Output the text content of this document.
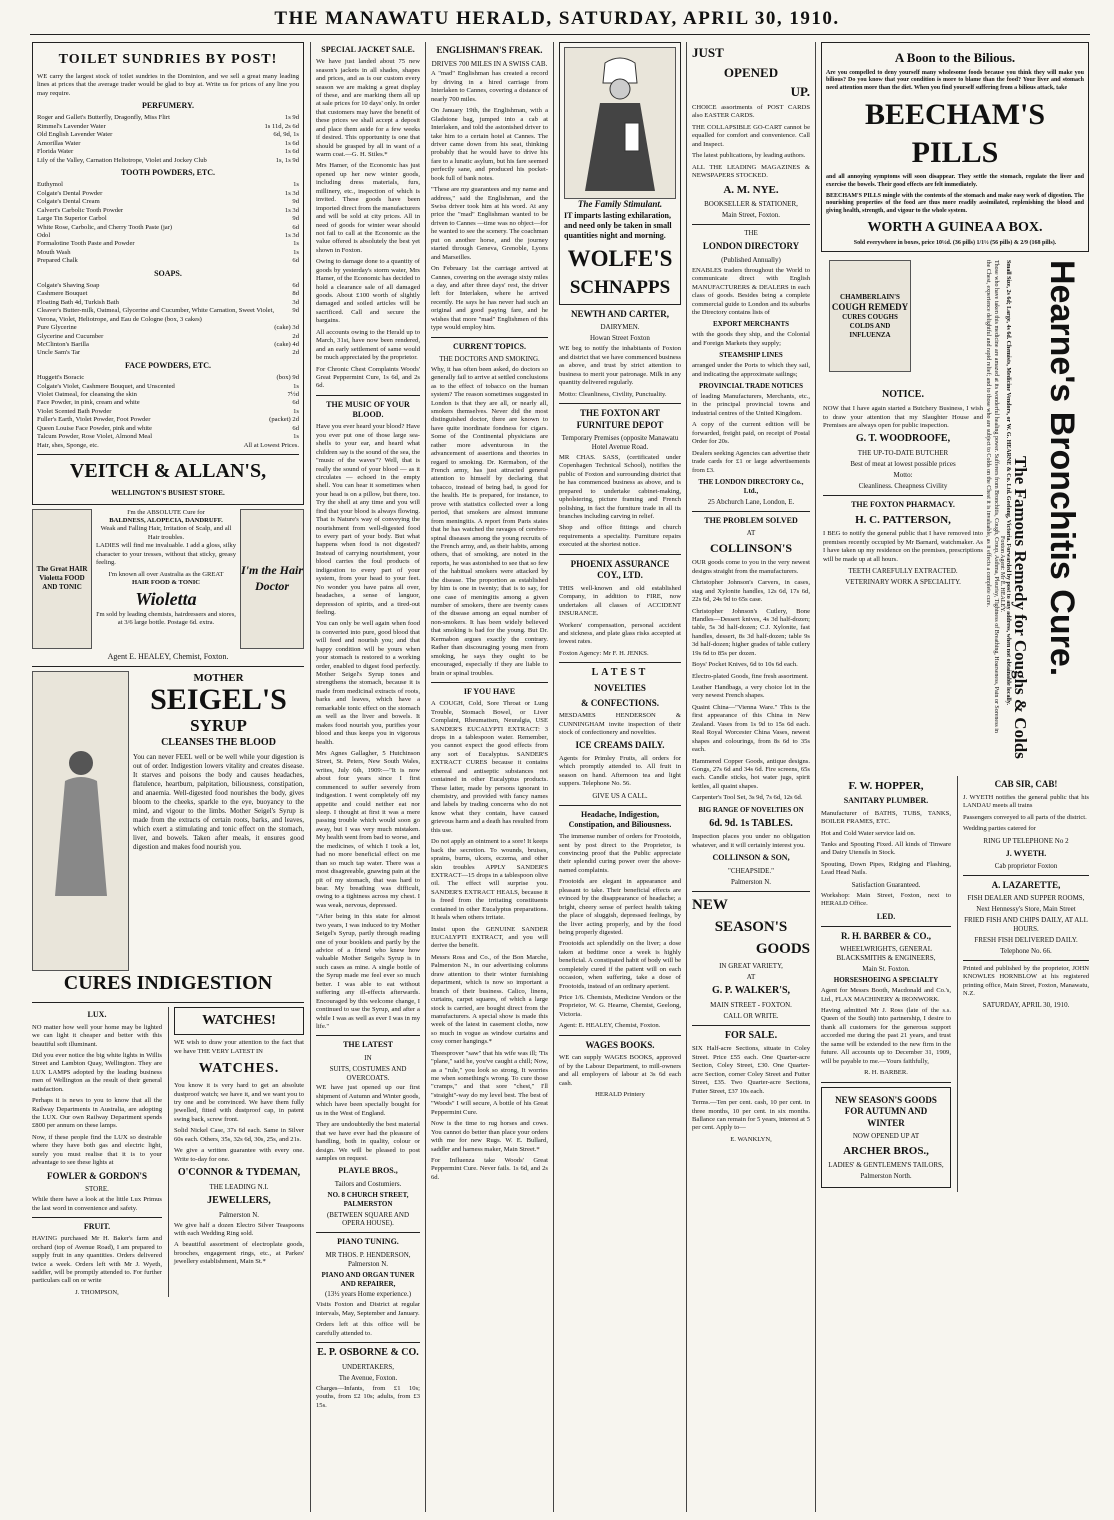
THE MANAWATU HERALD, SATURDAY, APRIL 30, 1910.
TOILET SUNDRIES BY POST!

WE carry the largest stock of toilet sundries in the Dominion, and we sell a great many leading lines at prices that the average trader would be glad to buy at. Write us for prices of any line you may require.

PERFUMERY.
Roger and Gallet's Butterfly, Dragonfly, Miss Flirt	1s 9d
Rimmel's Lavender Water	1s 11d, 2s 6d
Old English Lavender Water	6d, 9d, 1s
Amorillas Water	1s 6d
Florida Water	1s 6d
Lily of the Valley, Carnation Heliotrope, Violet and Jockey Club	1s, 1s 9d
TOOTH POWDERS, ETC.
Euthymol	1s
Colgate's Dental Powder	1s 3d
Colgate's Dental Cream	9d
Calvert's Carbolic Tooth Powder	1s 3d
Large Tin Superior Carbol	9d
White Rose, Carbolic, and Cherry Tooth Paste (jar)	6d
Odol	1s 3d
Formalotine Tooth Paste and Powder	1s
Mouth Wash	1s
Prepared Chalk	6d
SOAPS.
Colgate's Shaving Soap	6d
Cashmere Bouquet	8d
Floating Bath 4d, Turkish Bath	3d
Cleaver's Butter-milk, Oatmeal, Glycerine and Cucumber, White Carnation, Sweet Violet, Verona, Violet, Heliotrope, and Eau de Cologne (box, 3 cakes)
9d
Pure Glycerine	(cake) 3d
Glycerine and Cucumber	2d
McClinton's Barilla	(cake) 4d
Uncle Sam's Tar	2d
FACE POWDERS, ETC.
Huggett's Boracic	(box) 9d
Colgate's Violet, Cashmere Bouquet, and Unscented	1s
Violet Oatmeal, for cleansing the skin	7½d
Face Powder, in pink, cream and white	6d
Violet Scented Bath Powder	1s
Fuller's Earth, Violet Powder, Foot Powder	(packet) 2d
Queen Louise Face Powder, pink and white	6d
Talcum Powder, Rose Violet, Almond Meal	1s
Hair, shes, Sponge, etc.	All at Lowest Prices.
VEITCH & ALLAN'S,
WELLINGTON'S BUSIEST STORE.
The Great HAIR Violetta FOOD AND TONIC
I'm the ABSOLUTE Cure for
BALDNESS, ALOPECIA, DANDRUFF.
Weak and Falling Hair, Irritation of Scalp, and all Hair troubles.

LADIES will find me invaluable. I add a gloss, silky character to your tresses, without that sticky, greasy feeling.

I'm known all over Australia as the GREAT
HAIR FOOD & TONIC
Wioletta
I'm sold by leading chemists, hairdressers and stores, at 3/6 large bottle. Postage 6d. extra.
I'm the Hair Doctor
Agent E. HEALEY, Chemist, Foxton.
MOTHER
SEIGEL'S
SYRUP
CLEANSES THE BLOOD

You can never FEEL well or be well while your digestion is out of order. Indigestion lowers vitality and creates disease. It starves and poisons the body and causes headaches, flatulence, heartburn, palpitation, biliousness, constipation, and anaemia. Well-digested food nourishes the body, gives bloom to the cheeks, sparkle to the eye, buoyancy to the mind, and vigour to the limbs. Mother Seigel's Syrup is made from the extracts of certain roots, barks, and leaves, which exert a stimulating and tonic effect on the stomach, liver, and bowels. Taken after meals, it ensures good digestion and makes food nourish you.

CURES INDIGESTION
LUX.

NO matter how well your home may be lighted we can light it cheaper and better with this beautiful soft illuminant.

Did you ever notice the big white lights in Willis Street and Lambton Quay, Wellington. They are LUX LAMPS adopted by the leading business men of Wellington as the result of their general satisfaction.

Perhaps it is news to you to know that all the Railway Departments in Australia, are adopting the LUX. Our own Railway Department spends £800 per annum on these lamps.

Now, if these people find the LUX so desirable where they have both gas and electric light, surely you must realise that it is to your advantage to see these lights at

FOWLER & GORDON'S
STORE.

While there have a look at the little Lux Primus the last word in convenience and safety.

FRUIT.

HAVING purchased Mr H. Baker's farm and orchard (top of Avenue Road), I am prepared to supply fruit in any quantities. Orders delivered twice a week. Orders left with Mr J. Wyeth, saddler, will be promptly attended to. For further particulars call on or write

J. THOMPSON,
WATCHES!

WE wish to draw your attention to the fact that we have THE VERY LATEST IN

WATCHES.

You know it is very hard to get an absolute dustproof watch; we have it, and we want you to try one and be convinced. We have them fully jewelled, fitted with dustproof cap, in patent swing back, screw front.

Solid Nickel Case, 37s 6d each. Same in Silver 60s each. Others, 35s, 32s 6d, 30s, 25s, and 21s.

We give a written guarantee with every one. Write to-day for one.

O'CONNOR & TYDEMAN,
THE LEADING N.I.
JEWELLERS,
Palmerston N.

We give half a dozen Electro Silver Teaspoons with each Wedding Ring sold.

A beautiful assortment of electroplate goods, brooches, engagement rings, etc., at Parkes' jewellery establishment, Main St.*

SPECIAL JACKET SALE.

We have just landed about 75 new season's jackets in all shades, shapes and prices, and as is our custom every season we are making a great display of these, and are marking them all up at sale prices for 10 days' only. In order that customers may have the benefit of these prices we shall accept a deposit and place them aside for a few weeks if desired. This opportunity is one that should be grasped by all in want of a warm coat.—G. H. Stiles.*

Mrs Hamer, of the Economic has just opened up her new winter goods, including dress materials, furs, millinery, etc., inspection of which is invited. These goods have been imported direct from the manufacturers and will be sold at city prices. All in need of goods for winter wear should not fail to call at the Economic as the value offered is absolutely the best yet shown in Foxton.

Owing to damage done to a quantity of goods by yesterday's storm water, Mrs Hamer, of the Economic has decided to hold a clearance sale of all damaged goods. About £100 worth of slightly damaged and soiled articles will be sacrificed. Call and secure the bargains.

All accounts owing to the Herald up to March, 31st, have now been rendered, and an early settlement of same would be much appreciated by the proprietor.

For Chronic Chest Complaints Woods' Great Peppermint Cure, 1s 6d, and 2s 6d.

THE MUSIC OF YOUR BLOOD.

Have you ever heard your blood? Have you ever put one of those large sea-shells to your ear, and heard what children say is the sound of the sea, the "music of the waves"? Well, that is really the sound of your blood — as it circulates — echoed in the empty shell. You can hear it sometimes when your head is on a pillow, but there, too. Try the shell at any time and you will find that your blood is always flowing. That is Nature's way of conveying the nourishment from well-digested food to every part of your body. But what happens when food is not digested? Instead of carrying nourishment, your blood carries the foul products of indigestion to every part of your system, from your head to your feet. No wonder you have pains all over, headaches, a sense of languor, depression of spirits, and a tired-out feeling.

You can only be well again when food is converted into pure, good blood that will feed and nourish you; and that happy condition will be yours when your stomach is restored to a working order, enabled to digest food perfectly. Mother Seigel's Syrup tones and strengthens the stomach, because it is made from medicinal extracts of roots, barks and leaves, which have a remarkable tonic effect on the stomach as well as the liver and bowels. It makes food nourish you, purifies your blood and thus keeps you in vigorous health.

Mrs Agnes Gallagher, 5 Hutchinson Street, St. Peters, New South Wales, writes, July 6th, 1909:—"It is now about four years since I first commenced to suffer severely from indigestion. I went completely off my appetite and could neither eat nor sleep. I thought at first it was a mere passing trouble which would soon go away, but I was very much mistaken. My health went from bad to worse, and the medicines, of which I took a lot, had no more beneficial effect on me than so much tap water. There was a most disagreeable, gnawing pain at the pit of my stomach, that was hard to bear. My breathing was difficult, owing to a tightness across my chest. I was weak, nervous, depressed.

"After being in this state for almost two years, I was induced to try Mother Seigel's Syrup, partly through reading one of your booklets and partly by the advice of a friend who knew how valuable Mother Seigel's Syrup is in such cases as mine. A single bottle of the Syrup made me feel ever so much better. I was able to eat without suffering any ill-effects afterwards. Encouraged by this welcome change, I continued to use the Syrup, and after a while I was as well as ever I was in my life."

THE LATEST
IN
SUITS, COSTUMES AND OVERCOATS.

WE have just opened up our first shipment of Autumn and Winter goods, which have been specially bought for us in the West of England.

They are undoubtedly the best material that we have ever had the pleasure of handling, both in quality, colour or design. We will be pleased to post samples on request.

PLAYLE BROS.,
Tailors and Costumiers.
NO. 8 CHURCH STREET, PALMERSTON
(BETWEEN SQUARE AND OPERA HOUSE).
PIANO TUNING.
MR THOS. P. HENDERSON, Palmerston N.
PIANO AND ORGAN TUNER AND REPAIRER,
(13½ years Home experience.)

Visits Foxton and District at regular intervals, May, September and January.

Orders left at this office will be carefully attended to.

E. P. OSBORNE & CO.
UNDERTAKERS,
The Avenue, Foxton.

Charges—Infants, from £1 10s; youths, from £2 10s; adults, from £3 15s.

ENGLISHMAN'S FREAK.
DRIVES 700 MILES IN A SWISS CAB.

A "mad" Englishman has created a record by driving in a hired carriage from Interlaken to Cannes, covering a distance of nearly 700 miles.

On January 19th, the Englishman, with a Gladstone bag, jumped into a cab at Interlaken, and told the astonished driver to take him to a certain hotel at Cannes. The driver came down from his seat, thinking probably that he would have to drive his fare to a lunatic asylum, but his fare seemed perfectly sane, and produced his pocket-book full of bank notes.

"These are my guarantees and my name and address," said the Englishman, and the Swiss driver took him at his word. At any price the "mad" Englishman wanted to be driven to Cannes —time was no object—for he wanted to see the scenery. The coachman put on another horse, and the journey started through Geneva, Grenoble, Lyons and Marseilles.

On February 1st the carriage arrived at Cannes, covering on the average sixty miles a day, and after three days' rest, the driver left for Interlaken, where he arrived recently. He says he has never had such an original and good paying fare, and he wishes that more "mad" Englishmen of this type would employ him.

CURRENT TOPICS.
THE DOCTORS AND SMOKING.

Why, it has often been asked, do doctors so generally fail to arrive at settled conclusions as to the effect of tobacco on the human system? The reason sometimes suggested in London is that they are all, or nearly all, smokers themselves. Never did the most distinguished doctor, there are known to have quite inordinate fondness for cigars. Some of the Continental physicians are rather more adventurous in the advancement of assertions and theories in regard to smoking. Dr. Kermabon, of the French army, has just attracted general attention to himself by declaring that tobacco, instead of being bad, is good for the health. He is prepared, for instance, to prove with statistics collected over a long period, that smokers are almost immune from meningitis. A report from Paris states that he has watched the ravages of cerebro-spinal diseases among the young recruits of the French army, and, as their habits, among others, that of smoking, are noted in the reports, he was astonished to see that so few of the habitual smokers were attacked by the disease. The proportion as established by him is one in twenty; that is to say, for one case of meningitis among a given number of smokers, there are twenty cases of the disease among an equal number of non-smokers. It has been widely believed that smoking is bad for the young. But Dr. Kermabon argues exactly the contrary. Rather than discouraging young men from smoking, he says they ought to be encouraged, especially if they are liable to brain or spinal troubles.

IF YOU HAVE

A COUGH, Cold, Sore Throat or Lung Trouble, Stomach Bowel, or Liver Complaint, Rheumatism, Neuralgia, USE SANDER'S EUCALYPTI EXTRACT: 3 drops in a tablespoon water. Remember, you cannot expect the good effects from any sort of Eucalyptus. SANDER'S EXTRACT CURES because it contains ethereal and antiseptic substances not contained in other Eucalyptus products. These latter, made by persons ignorant in chemistry, and provided with fancy names and labels by trading concerns who do not know what they contain, have caused grievous harm and a death has resulted from this use.

Do not apply an ointment to a sore! It keeps back the secretion. To wounds, bruises, sprains, burns, ulcers, eczema, and other skin troubles APPLY SANDER'S EXTRACT—15 drops in a tablespoon olive oil. The effect will surprise you. SANDER'S EXTRACT HEALS, because it is freed from the irritating constituents contained in other Eucalyptus preparations. It heals when others irritate.

Insist upon the GENUINE SANDER EUCALYPTI EXTRACT, and you will derive the benefit.

Messrs Ross and Co., of the Bon Marche, Palmerston N., in our advertising columns draw attention to their winter furnishing department, which is now so important a branch of their business. Calico, linens, curtains, carpet squares, of which a large stock is carried, are bought direct from the manufacturers. A special show is made this week of the latest in casement cloths, now so much in vogue as window curtains and cosy corner hangings.*

Theesprover "saw" that his wife was ill; 'Tis "plane," said he, you've caught a chill; Now, as a "rule," you look so strong, It worries me when something's wrong. To cure those "cramps," and that sore "chest," I'll "straight"-way do my level best. The best of "Woods" I will secure, A bottle of his Great Peppermint Cure.

Now is the time to rug horses and cows. You cannot do better than place your orders with me for new Rugs. W. E. Bullard, saddler and harness maker, Main Street.*

For Influenza take Woods' Great Peppermint Cure. Never fails. 1s 6d, and 2s 6d.

The Family Stimulant.

IT imparts lasting exhilaration, and need only be taken in small quantities night and morning.

WOLFE'S
SCHNAPPS
NEWTH AND CARTER,
DAIRYMEN.
Howan Street Foxton

WE beg to notify the inhabitants of Foxton and district that we have commenced business as above, and trust by strict attention to business to merit your patronage. Milk in any quantity delivered regularly.

Motto: Cleanliness, Civility, Punctuality.

THE FOXTON ART FURNITURE DEPOT
Temporary Premises (opposite Manawatu Hotel Avenue Road.

MR CHAS. SASS, (certificated under Copenhagen Technical School), notifies the public of Foxton and surrounding district that he has commenced business as above, and is prepared to undertake cabinet-making, upholstering, picture framing and French polishing, in fact the furniture trade in all its branches including carving in relief.

Shop and office fittings and church requirements a speciality. Furniture repairs executed at the shortest notice.

PHOENIX ASSURANCE COY., LTD.

THIS well-known and old established Company, in addition to FIRE, now undertakes all classes of ACCIDENT INSURANCE.

Workers' compensation, personal accident and sickness, and plate glass risks accepted at lowest rates.

Foxton Agency: Mr F. H. JENKS.

LATEST
NOVELTIES
& CONFECTIONS.

MESDAMES HENDERSON & CUNNINGHAM invite inspection of their stock of confectionery and novelties.

ICE CREAMS DAILY.

Agents for Primley Fruits, all orders for which promptly attended to. All fruit in season on hand. Afternoon tea and light suppers. Telephone No. 56.

GIVE US A CALL.
Headache, Indigestion, Constipation, and Biliousness.

The immense number of orders for Frootoids, sent by post direct to the Proprietor, is convincing proof that the Public appreciate their splendid curing power over the above-named complaints.

Frootoids are elegant in appearance and pleasant to take. Their beneficial effects are evinced by the disappearance of headache; a bright, cheery sense of perfect health taking the place of sluggish, depressed feelings, by the liver acting properly, and by the food being properly digested.

Frootoids act splendidly on the liver; a dose taken at bedtime once a week is highly beneficial. A constipated habit of body will be completely cured if the patient will on each occasion, when suffering, take a dose of Frootoids, instead of an ordinary aperient.

Price 1/6. Chemists, Medicine Vendors or the Proprietor, W. G. Hearne, Chemist, Geelong, Victoria.

Agent: E. HEALEY, Chemist, Foxton.

WAGES BOOKS.

WE can supply WAGES BOOKS, approved of by the Labour Department, to mill-owners and all employers of labour at 3s 6d each cash.

HERALD Printery
JUST
OPENED
UP.

CHOICE assortments of POST CARDS also EASTER CARDS.

THE COLLAPSIBLE GO-CART cannot be equalled for comfort and convenience. Call and Inspect.

The latest publications, by leading authors.

ALL THE LEADING MAGAZINES & NEWSPAPERS STOCKED.

A. M. NYE.
BOOKSELLER & STATIONER,
Main Street, Foxton.
THE
LONDON DIRECTORY
(Published Annually)

ENABLES traders throughout the World to communicate direct with English MANUFACTURERS & DEALERS in each class of goods. Besides being a complete commercial guide to London and its suburbs the Directory contains lists of

EXPORT MERCHANTS

with the goods they ship, and the Colonial and Foreign Markets they supply;

STEAMSHIP LINES

arranged under the Ports to which they sail, and indicating the approximate sailings;

PROVINCIAL TRADE NOTICES

of leading Manufacturers, Merchants, etc., in the principal provincial towns and industrial centres of the United Kingdom.

A copy of the current edition will be forwarded, freight paid, on receipt of Postal Order for 20s.

Dealers seeking Agencies can advertise their trade cards for £1 or large advertisements from £3.

THE LONDON DIRECTORY Co., Ltd.,
25 Abchurch Lane, London, E.
THE PROBLEM SOLVED
AT
COLLINSON'S

OUR goods come to you in the very newest designs straight from the manufacturers.

Christopher Johnson's Carvers, in cases, stag and Xylonite handles, 12s 6d, 17s 6d, 22s 6d, 24s 9d to 65s case.

Christopher Johnson's Cutlery, Bone Handles—Dessert knives, 4s 3d half-dozen; table, 5s 3d half-dozen; C.J. Xylonite, fast handles, dessert, 8s 3d half-dozen; table 9s 3d half-dozen; higher grades of table cutlery 19s 6d to 85s per dozen.

Boys' Pocket Knives, 6d to 10s 6d each.

Electro-plated Goods, fine fresh assortment.

Leather Handbags, a very choice lot in the very newest French shapes.

Quaint China—"Vienna Ware." This is the first appearance of this China in New Zealand. Vases from 1s 9d to 15s 6d each. Real Royal Worcester China Vases, newest shapes and colourings, from 8s 6d to 35s each.

Hammered Copper Goods, antique designs. Gongs, 27s 6d and 34s 6d. Fire screens, 65s each. Candle sticks, hot water jugs, spirit kettles, all quaint shapes.

Carpenter's Tool Set, 3s 9d, 7s 6d, 12s 6d.

BIG RANGE OF NOVELTIES ON
6d. 9d. 1s TABLES.

Inspection places you under no obligation whatever, and it will certainly interest you.

COLLINSON & SON,
"CHEAPSIDE."
Palmerston N.
NEW
SEASON'S
GOODS
IN GREAT VARIETY,
AT
G. P. WALKER'S,
MAIN STREET - FOXTON.
CALL OR WRITE.
FOR SALE.

SIX Half-acre Sections, situate in Coley Street. Price £55 each. One Quarter-acre Section, Coley Street, £30. One Quarter-acre Section, corner Coley Street and Futter Street, £35. Two Quarter-acre Sections, Futter Street, £37 10s each.

Terms.—Ten per cent. cash, 10 per cent. in three months, 10 per cent. in six months. Ballance can remain for 5 years, interest at 5 per cent. Apply to—

E. WANKLYN,
A Boon to the Bilious.

Are you compelled to deny yourself many wholesome foods because you think they will make you bilious? Do you know that your condition is more to blame than the food? Your liver and stomach need attention more than the diet. When you find yourself suffering from a bilious attack, take

BEECHAM'S PILLS

and all annoying symptoms will soon disappear. They settle the stomach, regulate the liver and exercise the bowels. Their good effects are felt immediately.

BEECHAM'S PILLS mingle with the contents of the stomach and make easy work of digestion. The nourishing properties of the food are thus more readily assimilated, replenishing the blood and giving health, strength, and vigour to the whole system.

WORTH A GUINEA A BOX.
Sold everywhere in boxes, price 10½d. (36 pills) 1/1½ (56 pills) & 2/9 (168 pills).
CHAMBERLAIN'S
COUGH REMEDY
CURES COUGHS COLDS AND INFLUENZA
NOTICE.

NOW that I have again started a Butchery Business, I wish to draw your attention that my Slaughter House and Premises are always open for public inspection.

G. T. WOODROOFE,
THE UP-TO-DATE BUTCHER
Best of meat at lowest possible prices
Motto:
Cleanliness. Cheapness Civility
THE FOXTON PHARMACY.
H. C. PATTERSON,

I BEG to notify the general public that I have removed into premises recently occupied by Mr Barnard, watchmaker. As I have taken up my residence on the premises, prescriptions will be made up at all hours.

TEETH CAREFULLY EXTRACTED.
VETERINARY WORK A SPECIALITY.	Hearne's Bronchitis Cure.
The Famous Remedy for Coughs & Colds
Small Size, 2s 6d; Large, 4s 6d. Chemists, Medicine Vendors, or W. G. HEARNE & Co. Ltd. Geelong, Victoria. Forwarded by post to any address, when not obtainable locally.
Those who have taken this medicine are amazed at its wonderful healing power. Sufferers from Bronchitis, Cough, Croup, Asthma, Pleurisy, Tightness of Breathing, Hoarseness, Pain or Soreness in the Chest, experience delightful and rapid relief; and to those who are subject to Colds on the Chest it is invaluable, as it effects a complete cure.	Foxton Agent: Mr E. HEALEY.
F. W. HOPPER,
SANITARY PLUMBER.

Manufacturer of BATHS, TUBS, TANKS, BOILER FRAMES, ETC.

Hot and Cold Water service laid on.

Tanks and Spouting Fixed. All kinds of Tinware and Dairy Utensils in Stock.

Spouting, Down Pipes, Ridging and Flashing, Lead Head Nails.

Satisfaction Guaranteed.

Workshop: Main Street, Foxton, next to HERALD Office.

LED.
R. H. BARBER & CO.,
WHEELWRIGHTS, GENERAL BLACKSMITHS & ENGINEERS,
Main St. Foxton.
HORSESHOEING A SPECIALTY

Agent for Messrs Booth, Macdonald and Co.'s, Ltd., FLAX MACHINERY & IRONWORK.

Having admitted Mr J. Ross (late of the s.s. Queen of the South) into partnership, I desire to thank all customers for the generous support accorded me during the past 21 years, and trust the same will be extended to the new firm in the future. All accounts up to December 31, 1909, will be payable to me.—Yours faithfully,

R. H. BARBER.
NEW SEASON'S GOODS FOR AUTUMN AND WINTER
NOW OPENED UP AT
ARCHER BROS.,
LADIES' & GENTLEMEN'S TAILORS,
Palmerston North.
CAB SIR, CAB!

J. WYETH notifies the general public that his LANDAU meets all trains

Passengers conveyed to all parts of the district.

Wedding parties catered for

RING UP TELEPHONE No 2
J. WYETH.
Cab proprietor Foxton
A. LAZARETTE,
FISH DEALER AND SUPPER ROOMS,
Next Hennessy's Store, Main Street
FRIED FISH AND CHIPS DAILY, AT ALL HOURS.
FRESH FISH DELIVERED DAILY.
Telephone No. 66.

Printed and published by the proprietor, JOHN KNOWLES HORNBLOW at his registered printing office, Main Street, Foxton, Manawatu, N.Z.

SATURDAY, APRIL 30, 1910.
